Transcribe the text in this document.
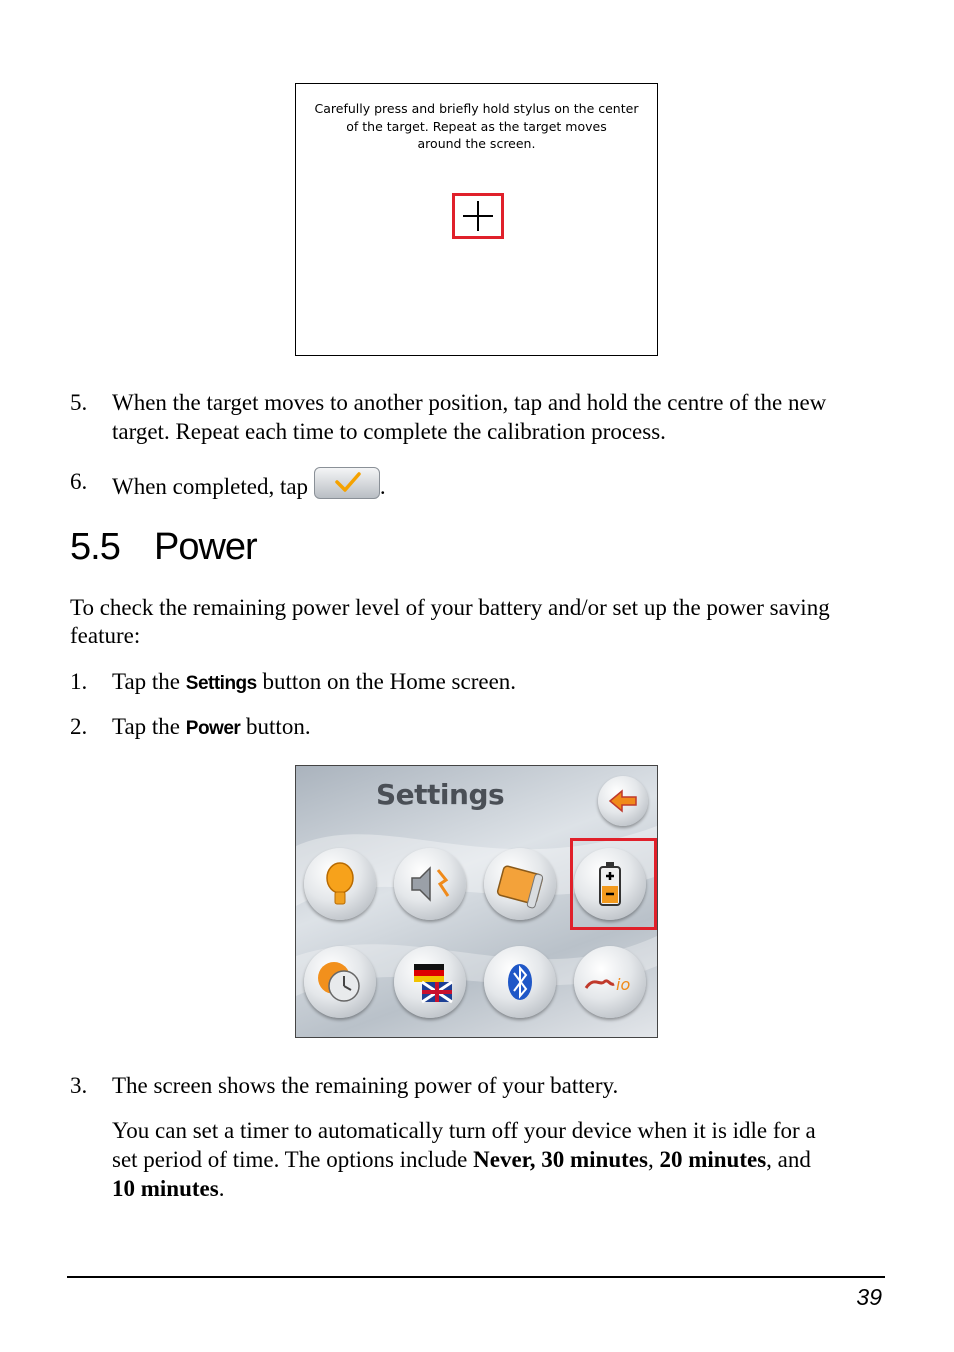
Carefully press and briefly hold stylus on the center
of the target. Repeat as the target moves
around the screen.
5. When the target moves to another position, tap and hold the centre of the new
target. Repeat each time to complete the calibration process.
6. When completed, tap	.
5.5 Power
To check the remaining power level of your battery and/or set up the power saving
feature:
1. Tap the Settings button on the Home screen.
2. Tap the Power button.
Settings
io
3. The screen shows the remaining power of your battery.
You can set a timer to automatically turn off your device when it is idle for a
set period of time. The options include Never, 30 minutes, 20 minutes, and
10 minutes.
39
